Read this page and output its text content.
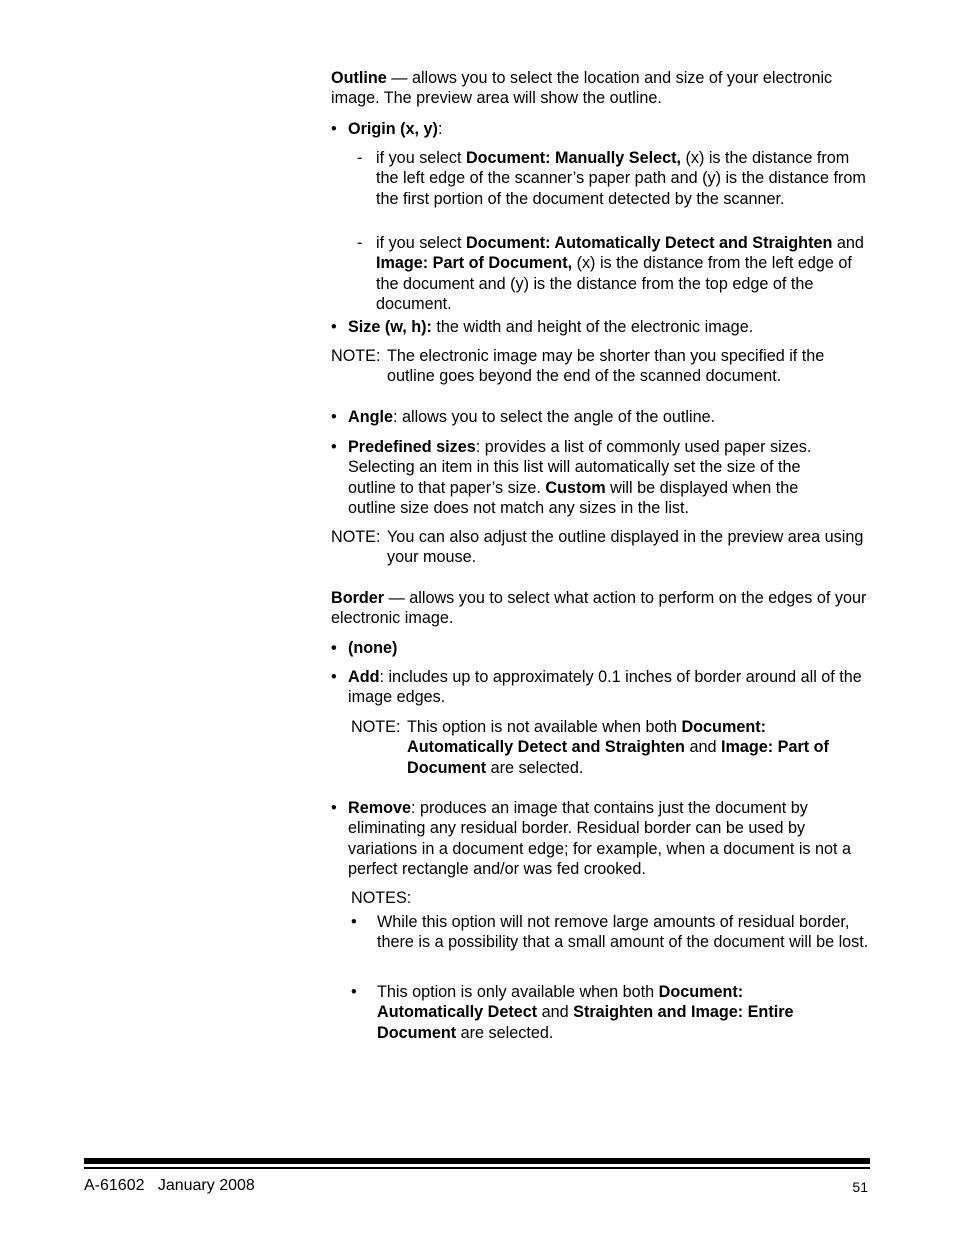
Outline — allows you to select the location and size of your electronic image. The preview area will show the outline.

• Origin (x, y):

- if you select Document: Manually Select, (x) is the distance from the left edge of the scanner’s paper path and (y) is the distance from the first portion of the document detected by the scanner.

- if you select Document: Automatically Detect and Straighten and Image: Part of Document, (x) is the distance from the left edge of the document and (y) is the distance from the top edge of the document.

• Size (w, h): the width and height of the electronic image.

NOTE: The electronic image may be shorter than you specified if the outline goes beyond the end of the scanned document.

• Angle: allows you to select the angle of the outline.

• Predefined sizes: provides a list of commonly used paper sizes. Selecting an item in this list will automatically set the size of the outline to that paper’s size. Custom will be displayed when the outline size does not match any sizes in the list.

NOTE: You can also adjust the outline displayed in the preview area using your mouse.

Border — allows you to select what action to perform on the edges of your electronic image.

• (none)

• Add: includes up to approximately 0.1 inches of border around all of the image edges.

NOTE: This option is not available when both Document: Automatically Detect and Straighten and Image: Part of Document are selected.

• Remove: produces an image that contains just the document by eliminating any residual border. Residual border can be used by variations in a document edge; for example, when a document is not a perfect rectangle and/or was fed crooked.

NOTES:
• While this option will not remove large amounts of residual border, there is a possibility that a small amount of the document will be lost.

• This option is only available when both Document: Automatically Detect and Straighten and Image: Entire Document are selected.

A-61602   January 2008	51
